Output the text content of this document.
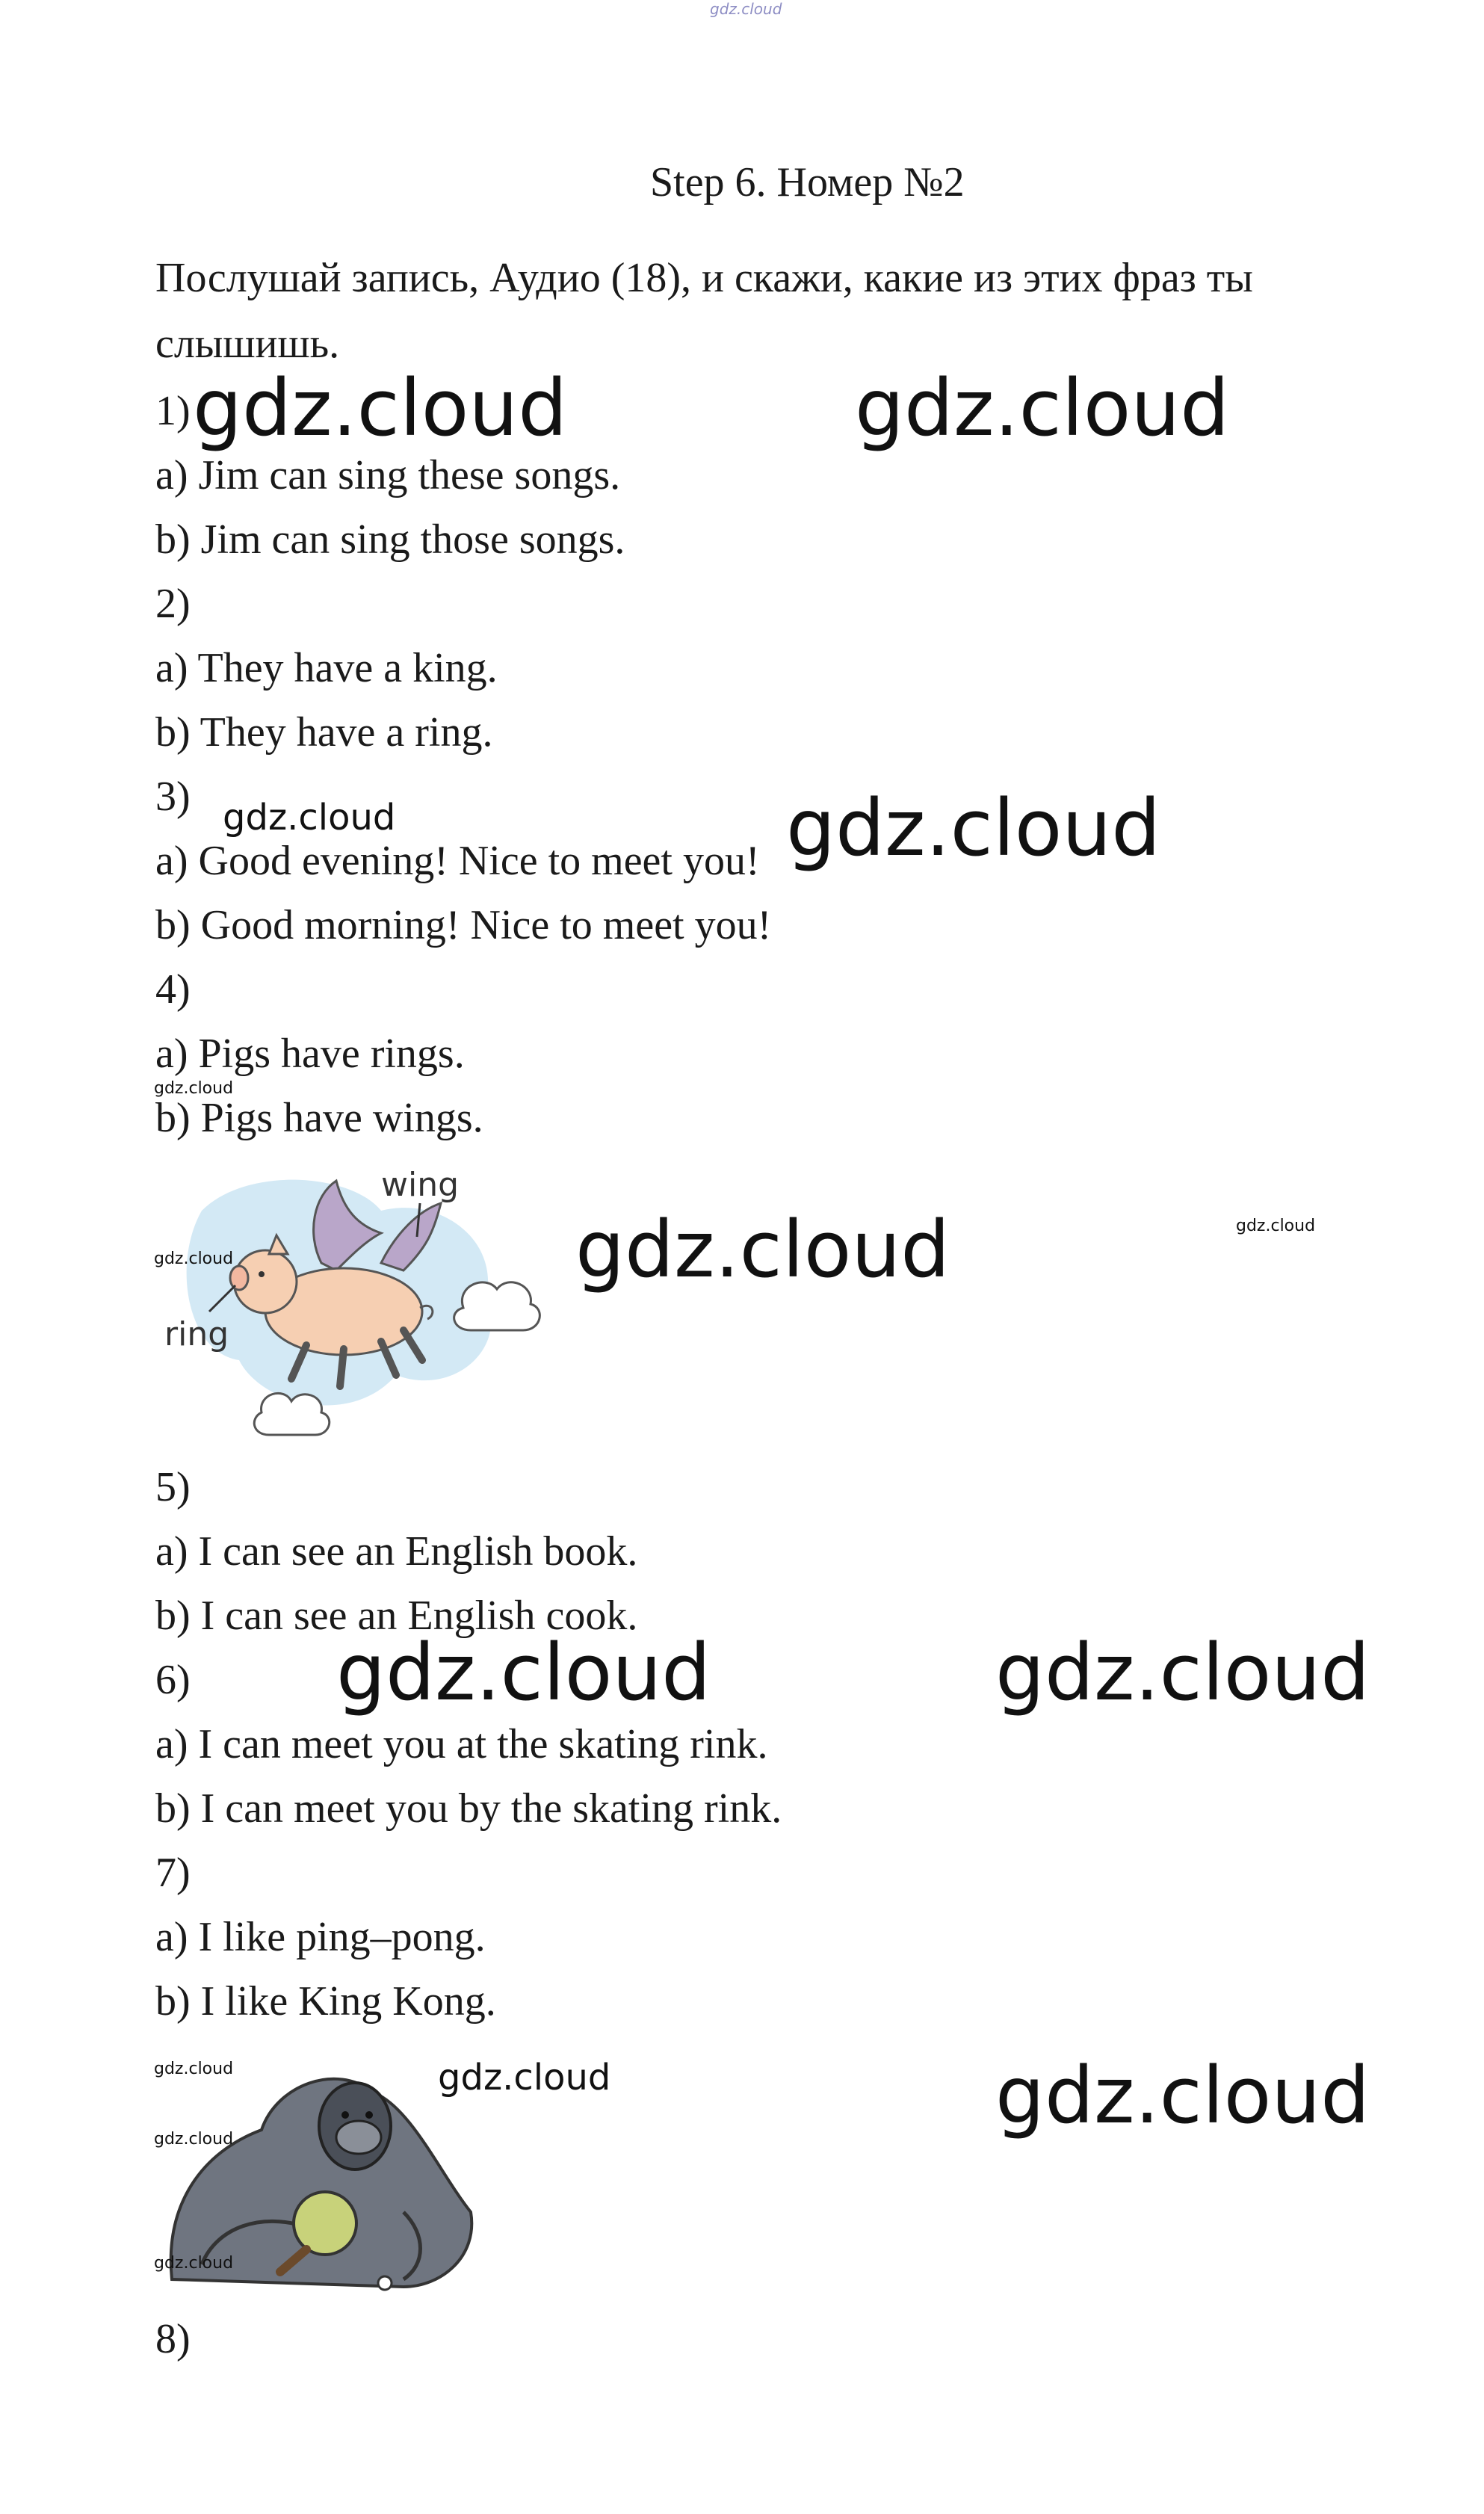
gdz.cloud
Step 6. Номер №2
Послушай запись, Аудио (18), и скажи, какие из этих фраз ты
слышишь.
1)
a) Jim can sing these songs.
b) Jim can sing those songs.
2)
a) They have a king.
b) They have a ring.
3)
a) Good evening! Nice to meet you!
b) Good morning! Nice to meet you!
4)
a) Pigs have rings.
b) Pigs have wings.
wing
ring
5)
a) I can see an English book.
b) I can see an English cook.
6)
a) I can meet you at the skating rink.
b) I can meet you by the skating rink.
7)
a) I like ping–pong.
b) I like King Kong.
8)
gdz.cloud	gdz.cloud
gdz.cloud	gdz.cloud
gdz.cloud
gdz.cloud	gdz.cloud	gdz.cloud
gdz.cloud	gdz.cloud
gdz.cloud	gdz.cloud	gdz.cloud
gdz.cloud
gdz.cloud
